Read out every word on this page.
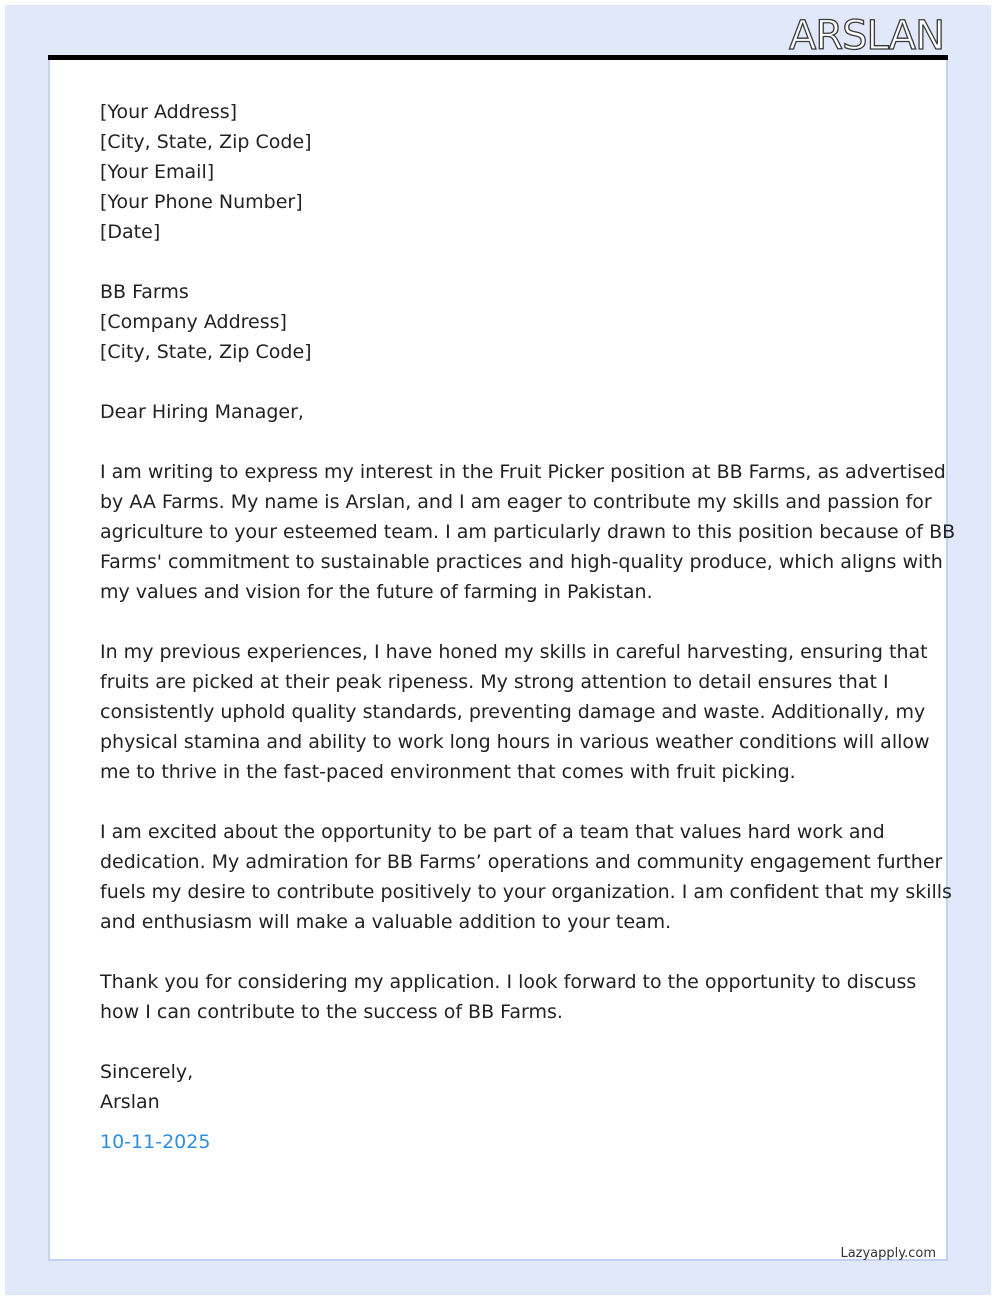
ARSLAN
[Your Address]
[City, State, Zip Code]
[Your Email]
[Your Phone Number]
[Date]
BB Farms
[Company Address]
[City, State, Zip Code]

Dear Hiring Manager,

I am writing to express my interest in the Fruit Picker position at BB Farms, as advertised
by AA Farms. My name is Arslan, and I am eager to contribute my skills and passion for
agriculture to your esteemed team. I am particularly drawn to this position because of BB
Farms' commitment to sustainable practices and high-quality produce, which aligns with
my values and vision for the future of farming in Pakistan.

In my previous experiences, I have honed my skills in careful harvesting, ensuring that
fruits are picked at their peak ripeness. My strong attention to detail ensures that I
consistently uphold quality standards, preventing damage and waste. Additionally, my
physical stamina and ability to work long hours in various weather conditions will allow
me to thrive in the fast-paced environment that comes with fruit picking.

I am excited about the opportunity to be part of a team that values hard work and
dedication. My admiration for BB Farms’ operations and community engagement further
fuels my desire to contribute positively to your organization. I am confident that my skills
and enthusiasm will make a valuable addition to your team.

Thank you for considering my application. I look forward to the opportunity to discuss
how I can contribute to the success of BB Farms.

Sincerely,
Arslan
10-11-2025
Lazyapply.com
